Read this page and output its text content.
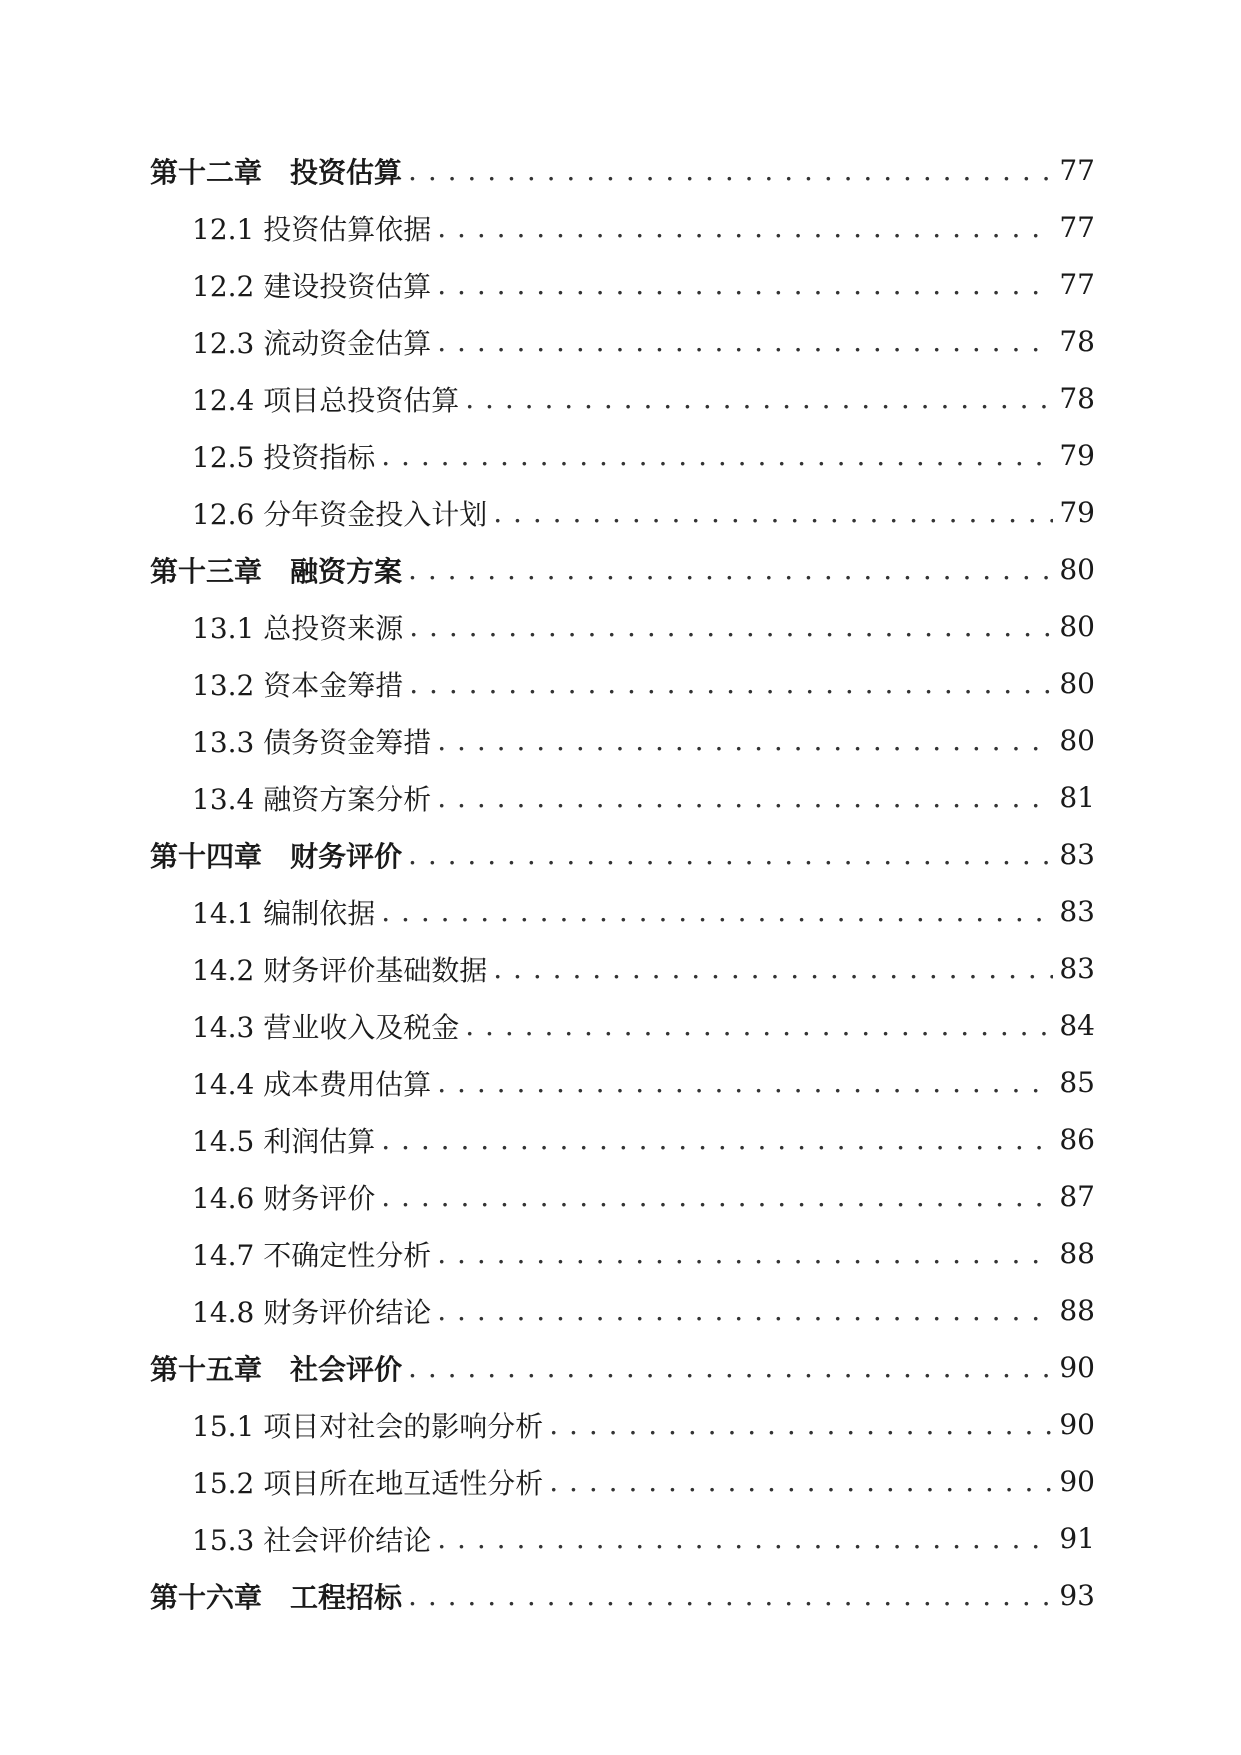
第十二章　投资估算 . . .	77
12.1 投资估算依据 . . .	77
12.2 建设投资估算 . . .	77
12.3 流动资金估算 . . .	78
12.4 项目总投资估算 . . .	78
12.5 投资指标 . . .	79
12.6 分年资金投入计划 . . .	79
第十三章　融资方案 . . .	80
13.1 总投资来源 . . .	80
13.2 资本金筹措 . . .	80
13.3 债务资金筹措 . . .	80
13.4 融资方案分析 . . .	81
第十四章　财务评价 . . .	83
14.1 编制依据 . . .	83
14.2 财务评价基础数据 . . .	83
14.3 营业收入及税金 . . .	84
14.4 成本费用估算 . . .	85
14.5 利润估算 . . .	86
14.6 财务评价 . . .	87
14.7 不确定性分析 . . .	88
14.8 财务评价结论 . . .	88
第十五章　社会评价 . . .	90
15.1 项目对社会的影响分析 . . .	90
15.2 项目所在地互适性分析 . . .	90
15.3 社会评价结论 . . .	91
第十六章　工程招标 . . .	93
